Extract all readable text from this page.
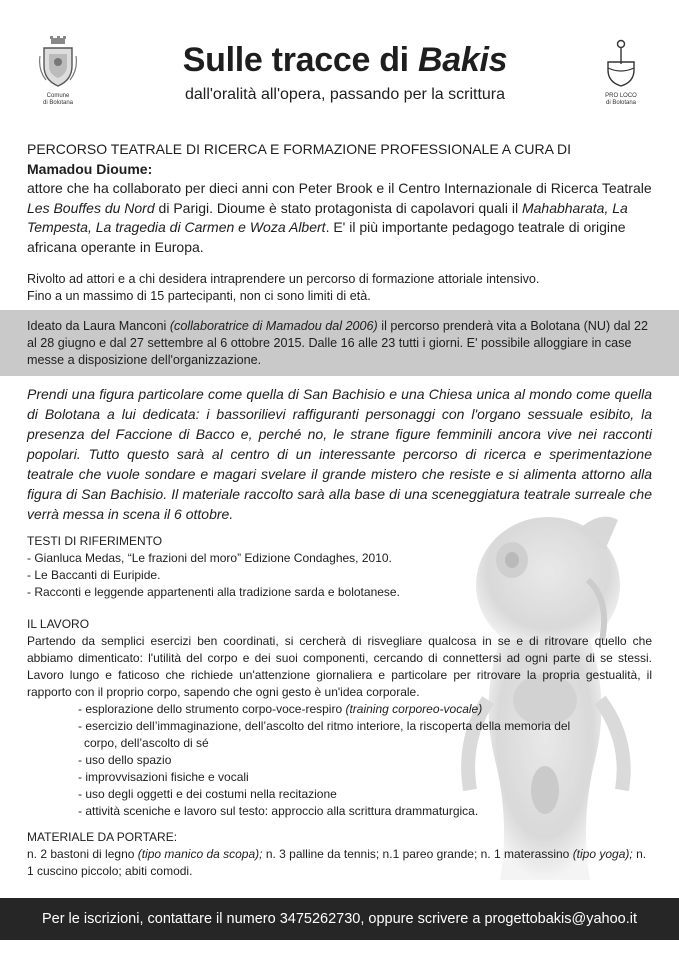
Comune
di Bolotana
Sulle tracce di Bakis
dall'oralità all'opera, passando per la scrittura	PRO LOCO
di Bolotana
PERCORSO TEATRALE DI RICERCA E FORMAZIONE PROFESSIONALE A CURA DI
Mamadou Dioume:
attore che ha collaborato per dieci anni con Peter Brook e il Centro Internazionale di Ricerca Teatrale Les Bouffes du Nord di Parigi. Dioume è stato protagonista di capolavori quali il Mahabharata, La Tempesta, La tragedia di Carmen e Woza Albert. E' il più importante pedagogo teatrale di origine africana operante in Europa.
Rivolto ad attori e a chi desidera intraprendere un percorso di formazione attoriale intensivo.
Fino a un massimo di 15 partecipanti, non ci sono limiti di età.
Ideato da Laura Manconi (collaboratrice di Mamadou dal 2006) il percorso prenderà vita a Bolotana (NU) dal 22 al 28 giugno e dal 27 settembre al 6 ottobre 2015. Dalle 16 alle 23 tutti i giorni. E' possibile alloggiare in case messe a disposizione dell'organizzazione.
Prendi una figura particolare come quella di San Bachisio e una Chiesa unica al mondo come quella di Bolotana a lui dedicata: i bassorilievi raffiguranti personaggi con l'organo sessuale esibito, la presenza del Faccione di Bacco e, perché no, le strane figure femminili ancora vive nei racconti popolari. Tutto questo sarà al centro di un interessante percorso di ricerca e sperimentazione teatrale che vuole sondare e magari svelare il grande mistero che resiste e si alimenta attorno alla figura di San Bachisio. Il materiale raccolto sarà alla base di una sceneggiatura teatrale surreale che verrà messa in scena il 6 ottobre.
TESTI DI RIFERIMENTO
- Gianluca Medas, “Le frazioni del moro” Edizione Condaghes, 2010.
- Le Baccanti di Euripide.
- Racconti e leggende appartenenti alla tradizione sarda e bolotanese.
IL LAVORO
Partendo da semplici esercizi ben coordinati, si cercherà di risvegliare qualcosa in se e di ritrovare quello che abbiamo dimenticato: l'utilità del corpo e dei suoi componenti, cercando di connettersi ad ogni parte di se stessi. Lavoro lungo e faticoso che richiede un'attenzione giornaliera e particolare per ritrovare la propria gestualità, il rapporto con il proprio corpo, sapendo che ogni gesto è un'idea corporale.
- esplorazione dello strumento corpo-voce-respiro (training corporeo-vocale)
- esercizio dell’immaginazione, dell’ascolto del ritmo interiore, la riscoperta della memoria del
corpo, dell’ascolto di sé
- uso dello spazio
- improvvisazioni fisiche e vocali
- uso degli oggetti e dei costumi nella recitazione
- attività sceniche e lavoro sul testo: approccio alla scrittura drammaturgica.
MATERIALE DA PORTARE:
n. 2 bastoni di legno (tipo manico da scopa); n. 3 palline da tennis; n.1 pareo grande; n. 1 materassino (tipo yoga); n. 1 cuscino piccolo; abiti comodi.
Per le iscrizioni, contattare il numero 3475262730, oppure scrivere a progettobakis@yahoo.it
